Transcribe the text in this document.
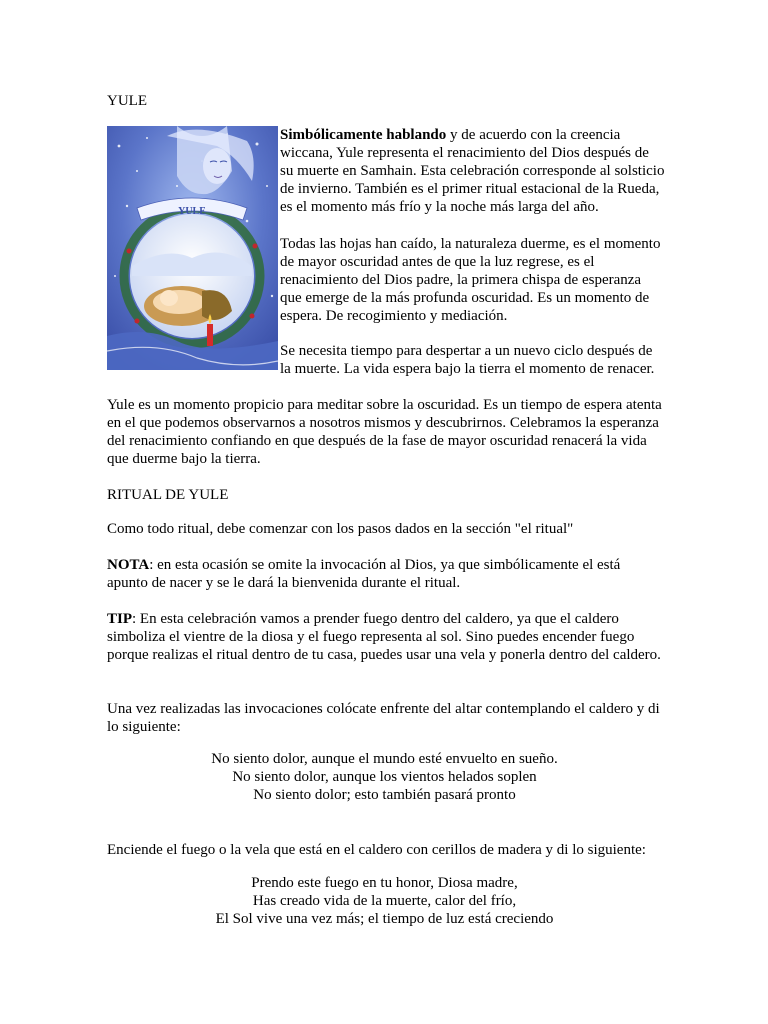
YULE
YULE

Simbólicamente hablando y de acuerdo con la creencia wiccana, Yule representa el renacimiento del Dios después de su muerte en Samhain. Esta celebración corresponde al solsticio de invierno. También es el primer ritual estacional de la Rueda, es el momento más frío y la noche más larga del año.

Todas las hojas han caído, la naturaleza duerme, es el momento de mayor oscuridad antes de que la luz regrese, es el renacimiento del Dios padre, la primera chispa de esperanza que emerge de la más profunda oscuridad. Es un momento de espera. De recogimiento y mediación.

Se necesita tiempo para despertar a un nuevo ciclo después de la muerte. La vida espera bajo la tierra el momento de renacer.

Yule es un momento propicio para meditar sobre la oscuridad. Es un tiempo de espera atenta en el que podemos observarnos a nosotros mismos y descubrirnos. Celebramos la esperanza del renacimiento confiando en que después de la fase de mayor oscuridad renacerá la vida que duerme bajo la tierra.

RITUAL DE YULE

Como todo ritual, debe comenzar con los pasos dados en la sección "el ritual"

NOTA: en esta ocasión se omite la invocación al Dios, ya que simbólicamente el está apunto de nacer y se le dará la bienvenida durante el ritual.

TIP: En esta celebración vamos a prender fuego dentro del caldero, ya que el caldero simboliza el vientre de la diosa y el fuego representa al sol. Sino puedes encender fuego porque realizas el ritual dentro de tu casa, puedes usar una vela y ponerla dentro del caldero.

Una vez realizadas las invocaciones colócate enfrente del altar contemplando el caldero y di lo siguiente:

No siento dolor, aunque el mundo esté envuelto en sueño.
No siento dolor, aunque los vientos helados soplen
No siento dolor; esto también pasará pronto

Enciende el fuego o la vela que está en el caldero con cerillos de madera y di lo siguiente:

Prendo este fuego en tu honor, Diosa madre,
Has creado vida de la muerte, calor del frío,
El Sol vive una vez más; el tiempo de luz está creciendo
